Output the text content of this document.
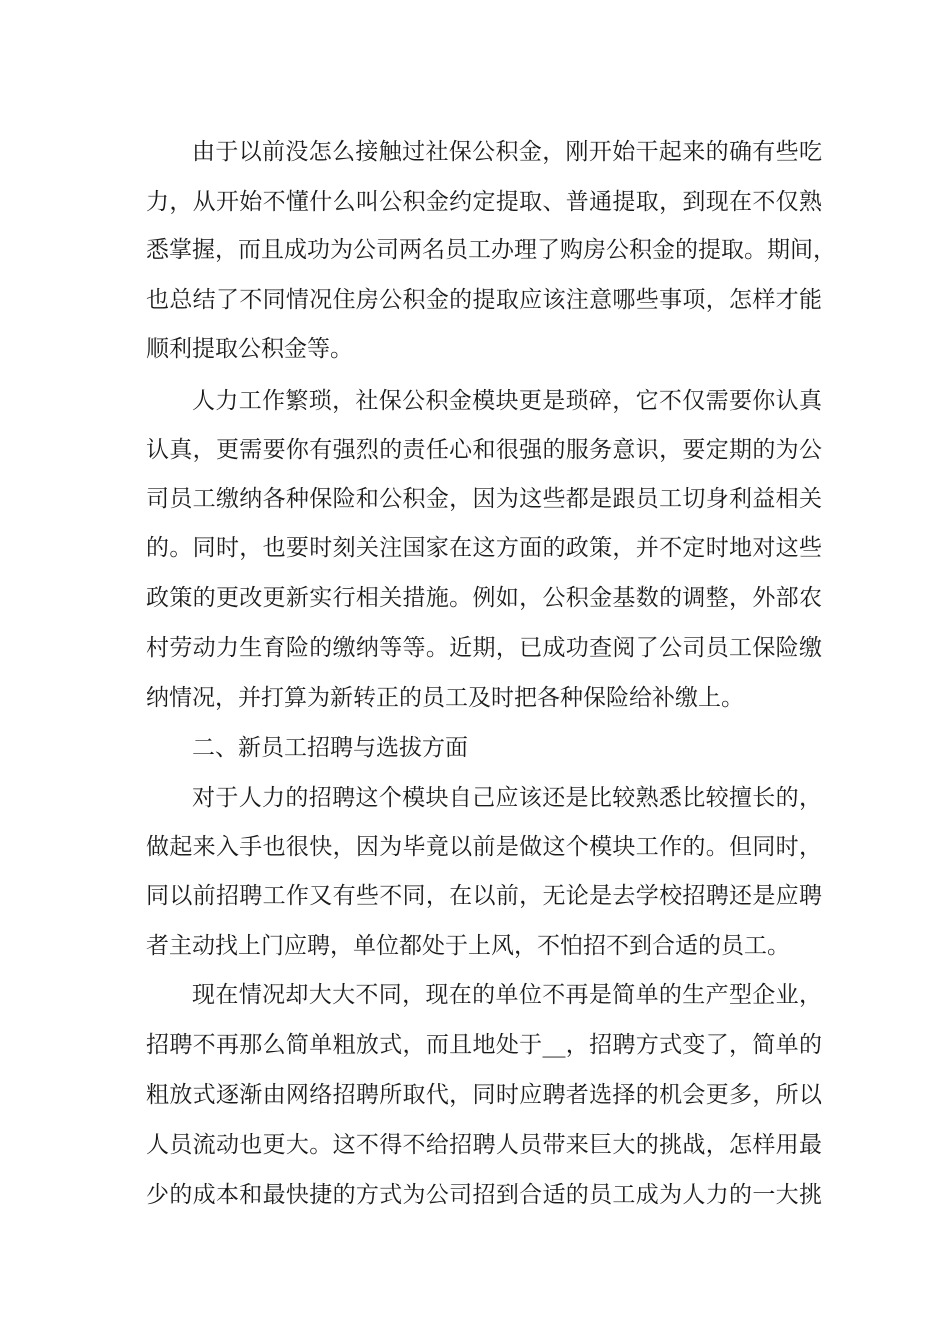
由于以前没怎么接触过社保公积金，刚开始干起来的确有些吃
力，从开始不懂什么叫公积金约定提取、普通提取，到现在不仅熟
悉掌握，而且成功为公司两名员工办理了购房公积金的提取。期间，
也总结了不同情况住房公积金的提取应该注意哪些事项，怎样才能
顺利提取公积金等。
人力工作繁琐，社保公积金模块更是琐碎，它不仅需要你认真
认真，更需要你有强烈的责任心和很强的服务意识，要定期的为公
司员工缴纳各种保险和公积金，因为这些都是跟员工切身利益相关
的。同时，也要时刻关注国家在这方面的政策，并不定时地对这些
政策的更改更新实行相关措施。例如，公积金基数的调整，外部农
村劳动力生育险的缴纳等等。近期，已成功查阅了公司员工保险缴
纳情况，并打算为新转正的员工及时把各种保险给补缴上。
二、新员工招聘与选拔方面
对于人力的招聘这个模块自己应该还是比较熟悉比较擅长的，
做起来入手也很快，因为毕竟以前是做这个模块工作的。但同时，
同以前招聘工作又有些不同，在以前，无论是去学校招聘还是应聘
者主动找上门应聘，单位都处于上风，不怕招不到合适的员工。
现在情况却大大不同，现在的单位不再是简单的生产型企业，
招聘不再那么简单粗放式，而且地处于__，招聘方式变了，简单的
粗放式逐渐由网络招聘所取代，同时应聘者选择的机会更多，所以
人员流动也更大。这不得不给招聘人员带来巨大的挑战，怎样用最
少的成本和最快捷的方式为公司招到合适的员工成为人力的一大挑
